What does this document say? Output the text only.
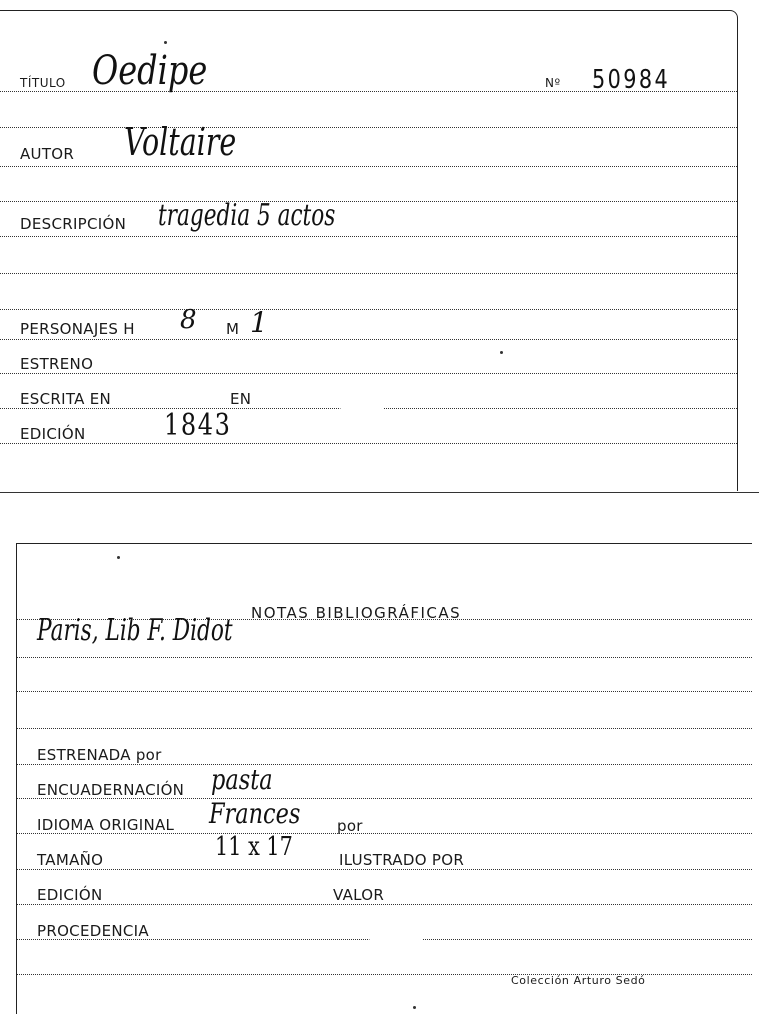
TÍTULO Oedipe	Nº 50984
AUTOR Voltaire
DESCRIPCIÓN tragedia 5 actos
PERSONAJES H 8 M 1
ESTRENO
ESCRITA EN	EN
EDICIÓN	1843
NOTAS BIBLIOGRÁFICAS
Paris, Lib F. Didot
ESTRENADA por
ENCUADERNACIÓN pasta
IDIOMA ORIGINAL Frances por
TAMAÑO	11 x 17	ILUSTRADO POR
EDICIÓN	VALOR
PROCEDENCIA
Colección Arturo Sedó
